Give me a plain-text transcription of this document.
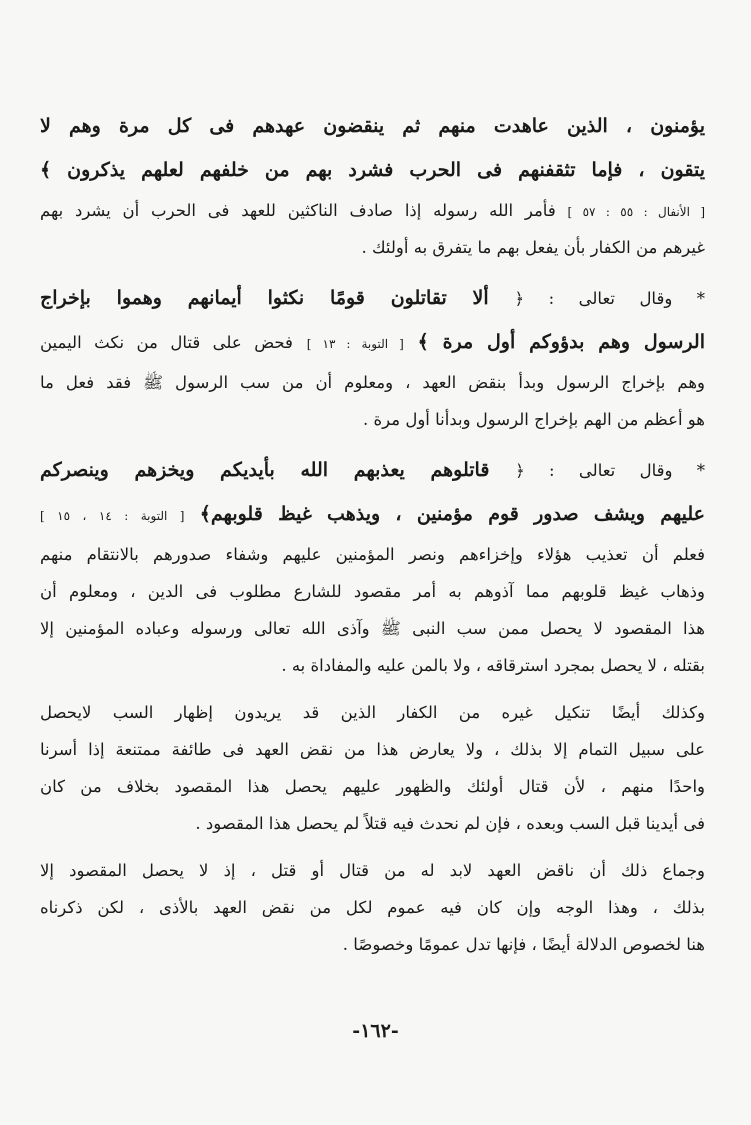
يؤمنون ، الذين عاهدت منهم ثم ينقضون عهدهم فى كل مرة وهم لا
يتقون ، فإما تثقفنهم فى الحرب فشرد بهم من خلفهم لعلهم يذكرون ﴾
[ الأنفال : ٥٥ : ٥٧ ] فأمر الله رسوله إذا صادف الناكثين للعهد فى الحرب أن يشرد بهم
غيرهم من الكفار بأن يفعل بهم ما يتفرق به أولئك .
* وقال تعالى : ﴿ ألا تقاتلون قومًا نكثوا أيمانهم وهموا بإخراج
الرسول وهم بدؤوكم أول مرة ﴾ [ التوبة : ١٣ ] فحض على قتال من نكث اليمين
وهم بإخراج الرسول وبدأ بنقض العهد ، ومعلوم أن من سب الرسول ﷺ فقد فعل ما
هو أعظم من الهم بإخراج الرسول وبدأنا أول مرة .
* وقال تعالى : ﴿ قاتلوهم يعذبهم الله بأيديكم ويخزهم وينصركم
عليهم ويشف صدور قوم مؤمنين ، ويذهب غيظ قلوبهم﴾ [ التوبة : ١٤ ، ١٥ ]
فعلم أن تعذيب هؤلاء وإخزاءهم ونصر المؤمنين عليهم وشفاء صدورهم بالانتقام منهم
وذهاب غيظ قلوبهم مما آذوهم به أمر مقصود للشارع مطلوب فى الدين ، ومعلوم أن
هذا المقصود لا يحصل ممن سب النبى ﷺ وآذى الله تعالى ورسوله وعباده المؤمنين إلا
بقتله ، لا يحصل بمجرد استرقاقه ، ولا بالمن عليه والمفاداة به .
وكذلك أيضًا تنكيل غيره من الكفار الذين قد يريدون إظهار السب لايحصل
على سبيل التمام إلا بذلك ، ولا يعارض هذا من نقض العهد فى طائفة ممتنعة إذا أسرنا
واحدًا منهم ، لأن قتال أولئك والظهور عليهم يحصل هذا المقصود بخلاف من كان
فى أيدينا قبل السب وبعده ، فإن لم نحدث فيه قتلاً لم يحصل هذا المقصود .
وجماع ذلك أن ناقض العهد لابد له من قتال أو قتل ، إذ لا يحصل المقصود إلا
بذلك ، وهذا الوجه وإن كان فيه عموم لكل من نقض العهد بالأذى ، لكن ذكرناه
هنا لخصوص الدلالة أيضًا ، فإنها تدل عمومًا وخصوصًا .
-١٦٢-
